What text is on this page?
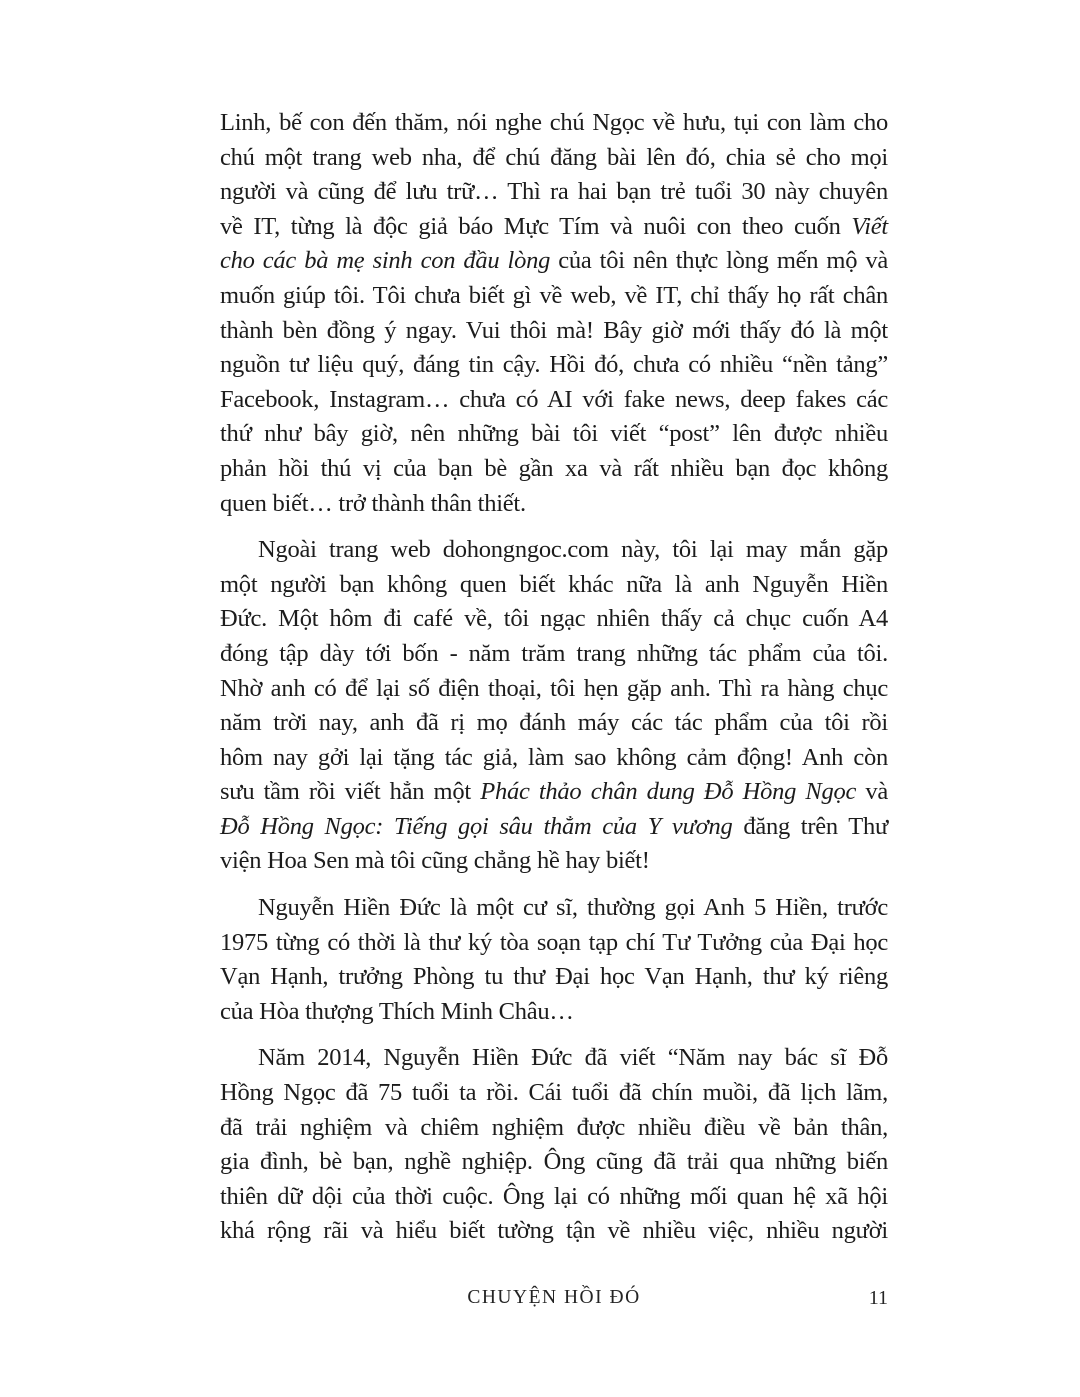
Linh, bế con đến thăm, nói nghe chú Ngọc về hưu, tụi con làm cho
chú một trang web nha, để chú đăng bài lên đó, chia sẻ cho mọi
người và cũng để lưu trữ… Thì ra hai bạn trẻ tuổi 30 này chuyên
về IT, từng là độc giả báo Mực Tím và nuôi con theo cuốn Viết
cho các bà mẹ sinh con đầu lòng của tôi nên thực lòng mến mộ và
muốn giúp tôi. Tôi chưa biết gì về web, về IT, chỉ thấy họ rất chân
thành bèn đồng ý ngay. Vui thôi mà! Bây giờ mới thấy đó là một
nguồn tư liệu quý, đáng tin cậy. Hồi đó, chưa có nhiều “nền tảng”
Facebook, Instagram… chưa có AI với fake news, deep fakes các
thứ như bây giờ, nên những bài tôi viết “post” lên được nhiều
phản hồi thú vị của bạn bè gần xa và rất nhiều bạn đọc không
quen biết… trở thành thân thiết.

Ngoài trang web dohongngoc.com này, tôi lại may mắn gặp
một người bạn không quen biết khác nữa là anh Nguyễn Hiền
Đức. Một hôm đi café về, tôi ngạc nhiên thấy cả chục cuốn A4
đóng tập dày tới bốn - năm trăm trang những tác phẩm của tôi.
Nhờ anh có để lại số điện thoại, tôi hẹn gặp anh. Thì ra hàng chục
năm trời nay, anh đã rị mọ đánh máy các tác phẩm của tôi rồi
hôm nay gởi lại tặng tác giả, làm sao không cảm động! Anh còn
sưu tầm rồi viết hẳn một Phác thảo chân dung Đỗ Hồng Ngọc và
Đỗ Hồng Ngọc: Tiếng gọi sâu thẳm của Y vương đăng trên Thư
viện Hoa Sen mà tôi cũng chẳng hề hay biết!

Nguyễn Hiền Đức là một cư sĩ, thường gọi Anh 5 Hiền, trước
1975 từng có thời là thư ký tòa soạn tạp chí Tư Tưởng của Đại học
Vạn Hạnh, trưởng Phòng tu thư Đại học Vạn Hạnh, thư ký riêng
của Hòa thượng Thích Minh Châu…

Năm 2014, Nguyễn Hiền Đức đã viết “Năm nay bác sĩ Đỗ
Hồng Ngọc đã 75 tuổi ta rồi. Cái tuổi đã chín muồi, đã lịch lãm,
đã trải nghiệm và chiêm nghiệm được nhiều điều về bản thân,
gia đình, bè bạn, nghề nghiệp. Ông cũng đã trải qua những biến
thiên dữ dội của thời cuộc. Ông lại có những mối quan hệ xã hội
khá rộng rãi và hiểu biết tường tận về nhiều việc, nhiều người

CHUYỆN HỒI ĐÓ	11
